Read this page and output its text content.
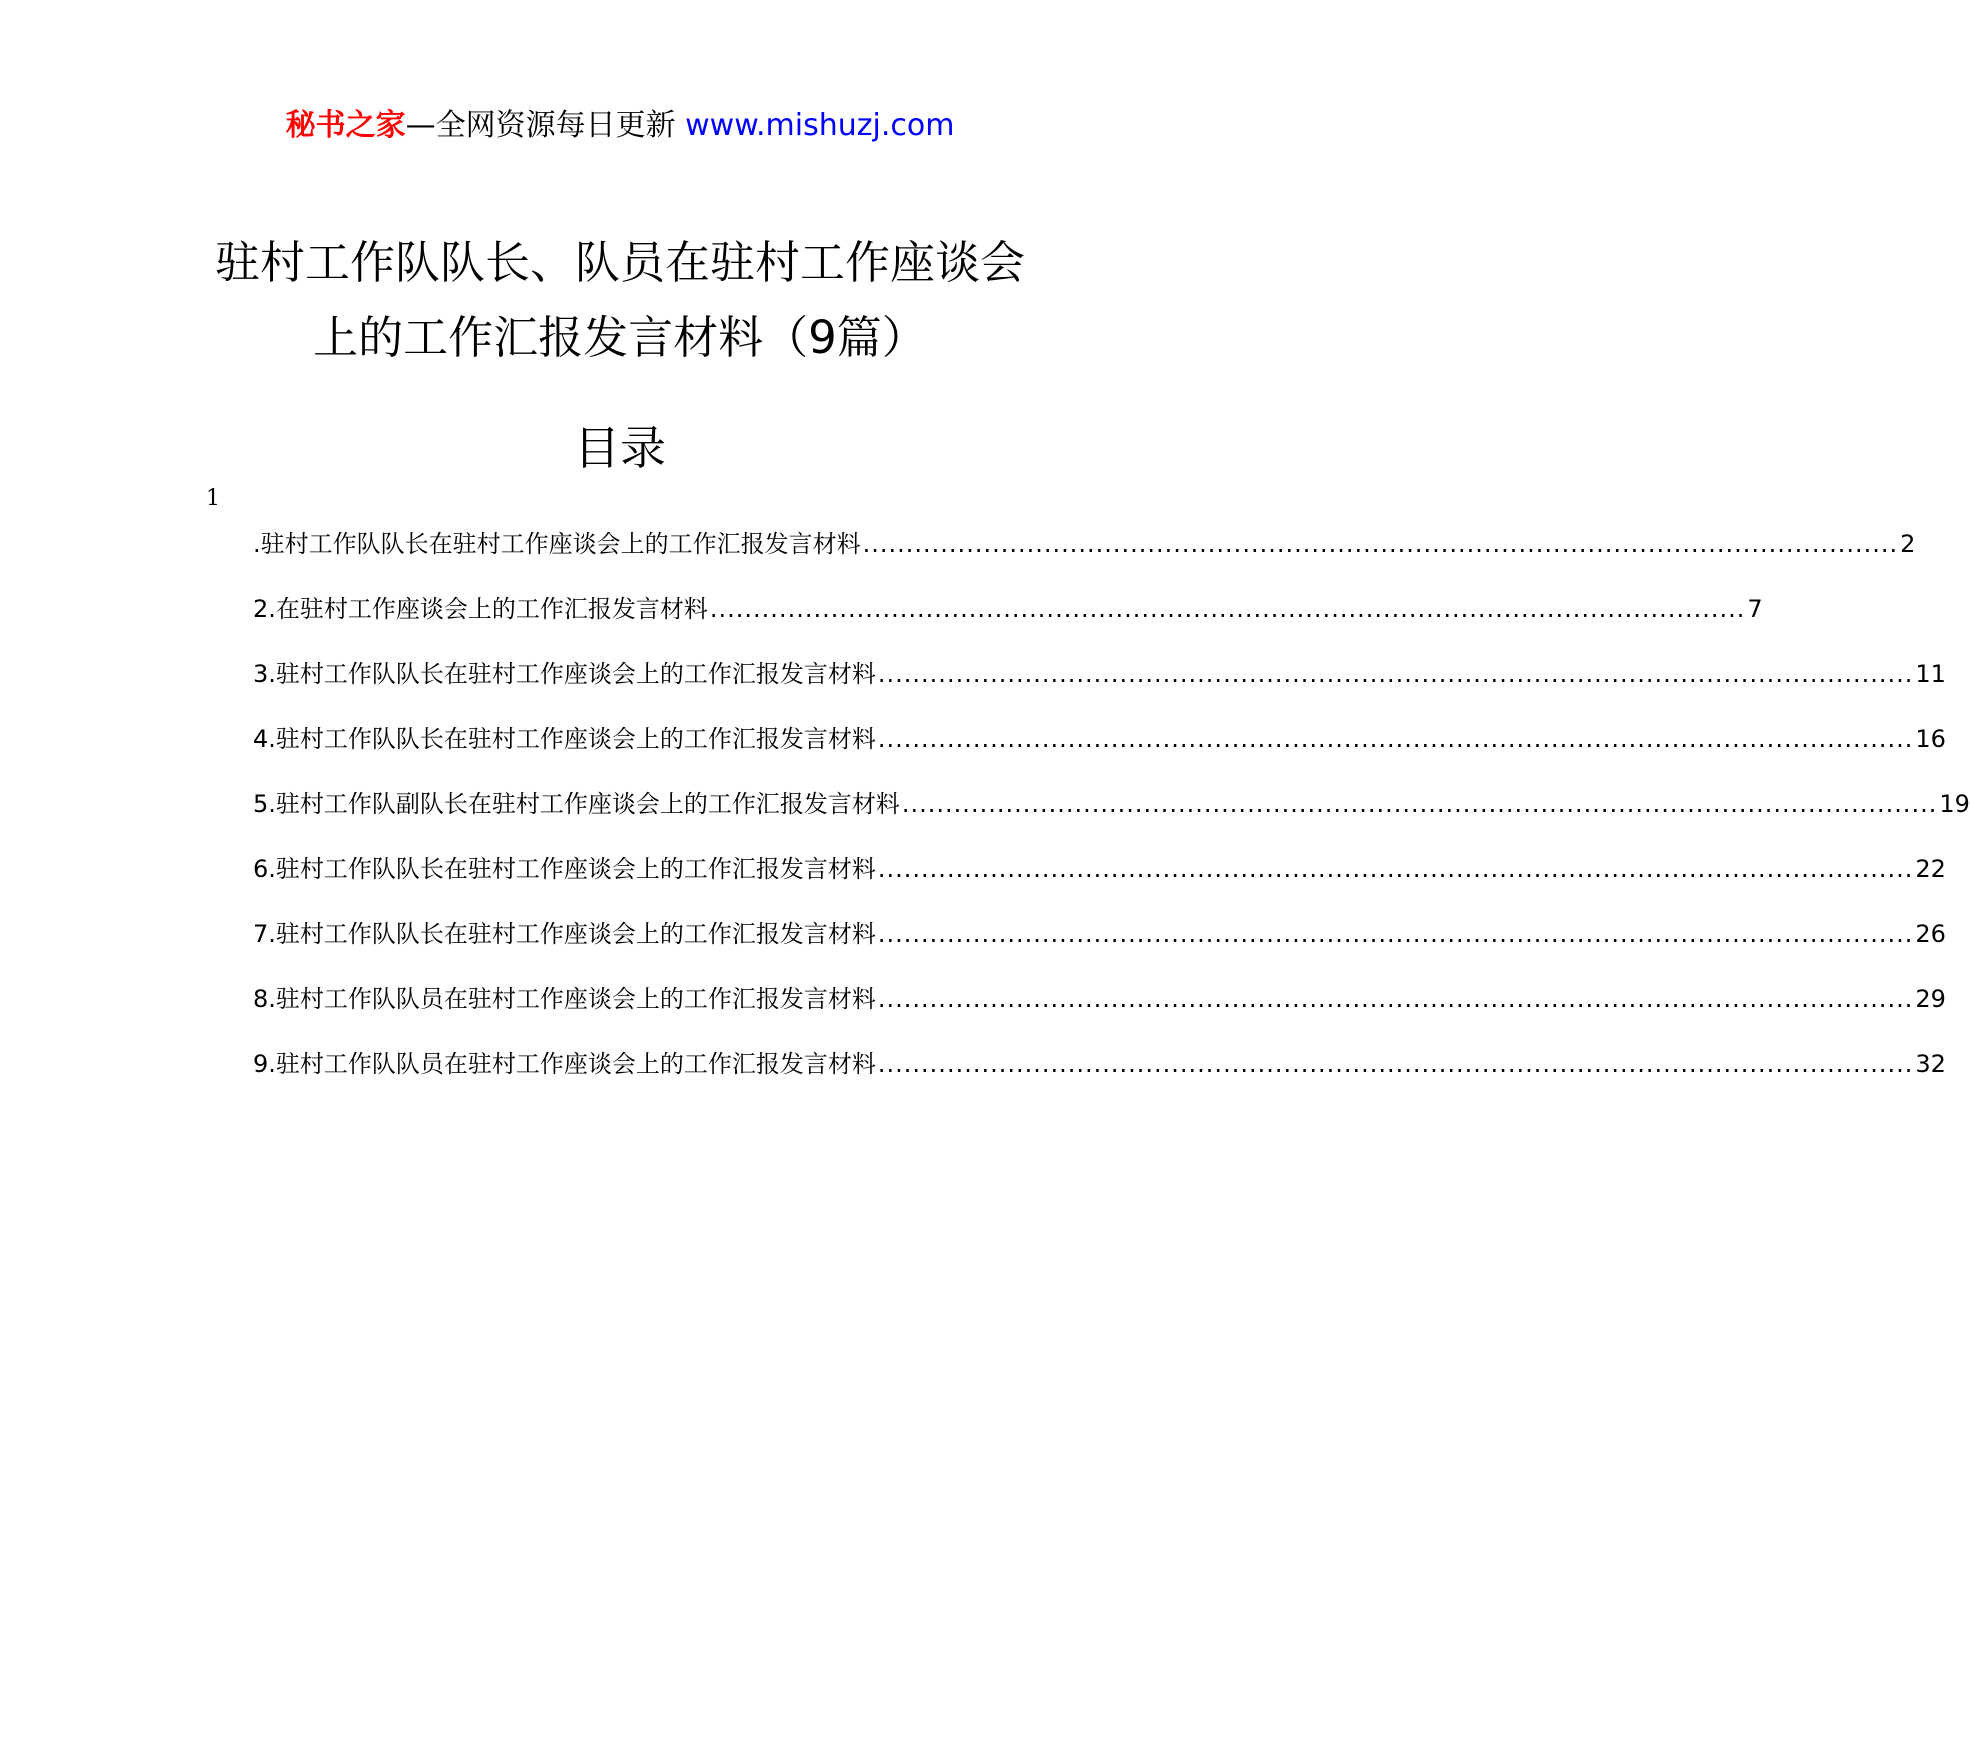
秘书之家—全网资源每日更新 www.mishuzj.com
驻村工作队队长、队员在驻村工作座谈会
上的工作汇报发言材料（9篇）
目录
1
.驻村工作队队长在驻村工作座谈会上的工作汇报发言材料 ........................................................................................................................ 2
2.在驻村工作座谈会上的工作汇报发言材料 ........................................................................................................................ 7
3.驻村工作队队长在驻村工作座谈会上的工作汇报发言材料 ........................................................................................................................ 11
4.驻村工作队队长在驻村工作座谈会上的工作汇报发言材料 ........................................................................................................................ 16
5.驻村工作队副队长在驻村工作座谈会上的工作汇报发言材料 ........................................................................................................................ 19
6.驻村工作队队长在驻村工作座谈会上的工作汇报发言材料 ........................................................................................................................ 22
7.驻村工作队队长在驻村工作座谈会上的工作汇报发言材料 ........................................................................................................................ 26
8.驻村工作队队员在驻村工作座谈会上的工作汇报发言材料 ........................................................................................................................ 29
9.驻村工作队队员在驻村工作座谈会上的工作汇报发言材料 ........................................................................................................................ 32
